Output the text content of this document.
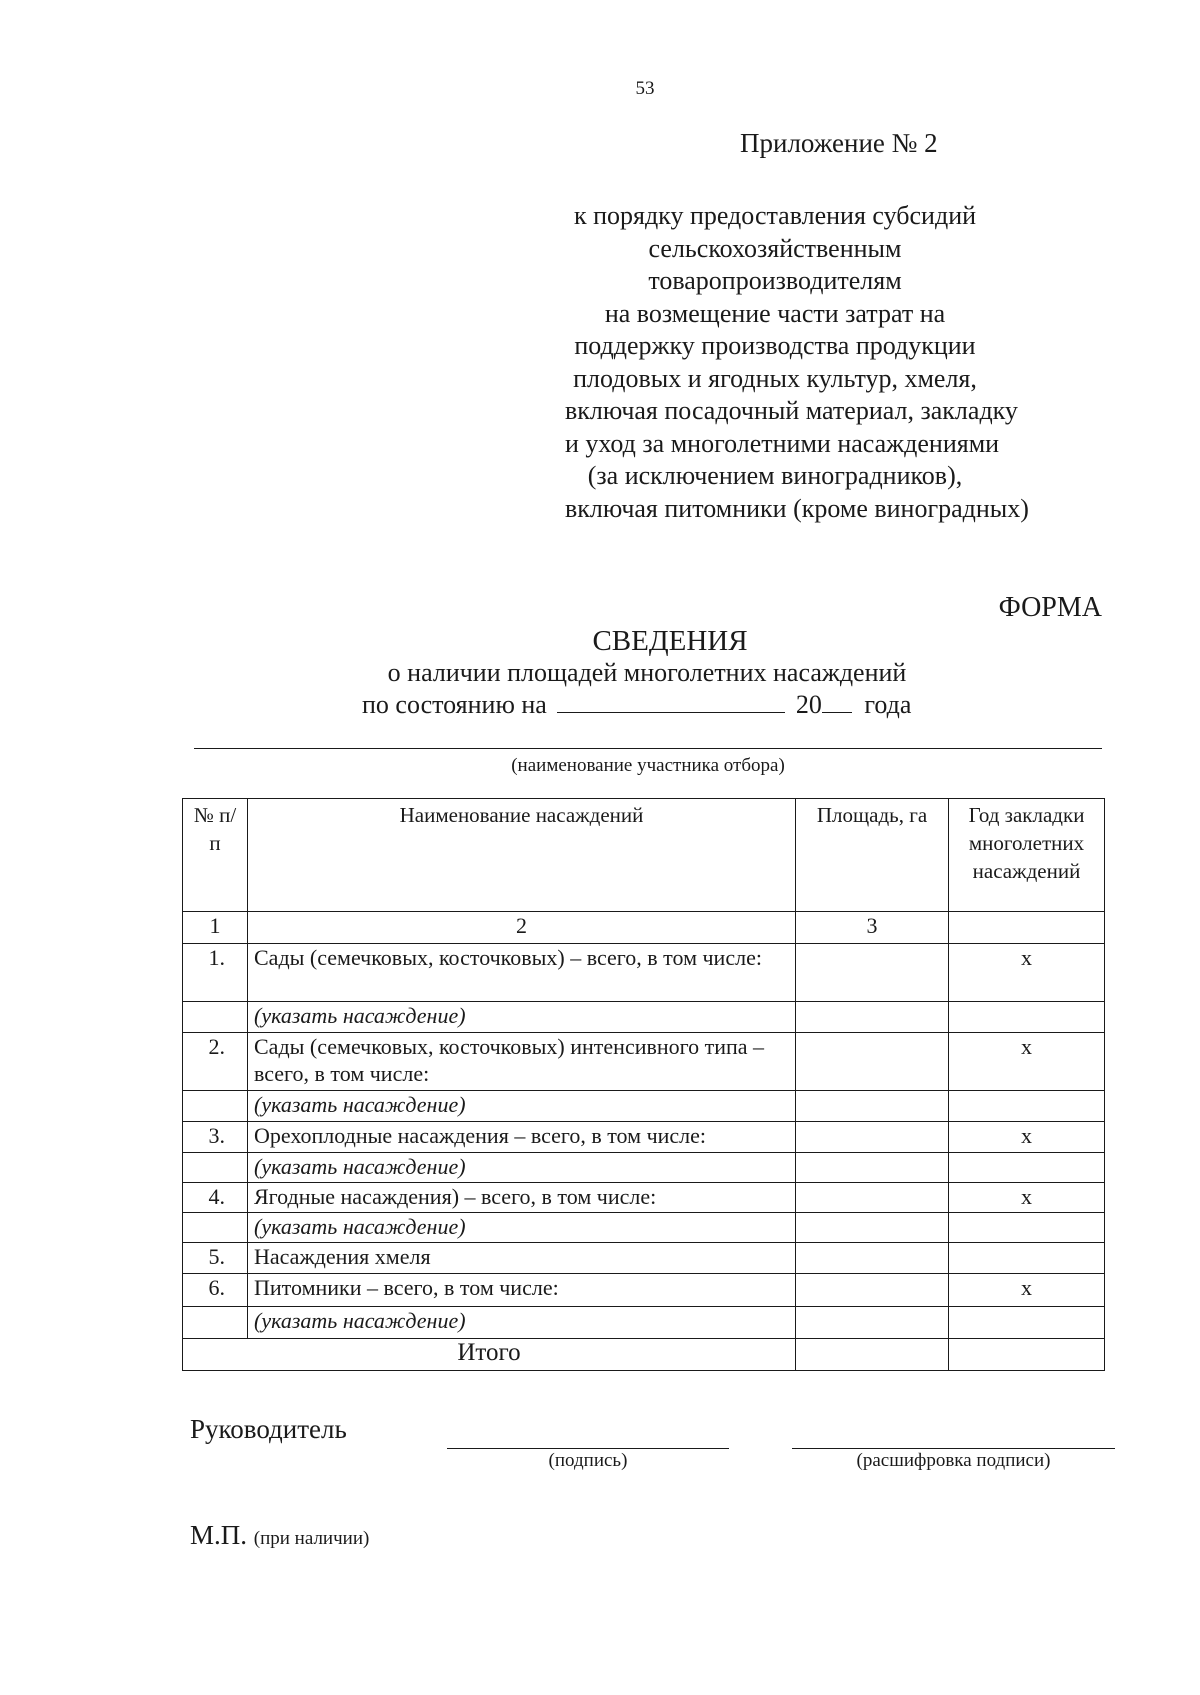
53
Приложение № 2
к порядку предоставления субсидий
сельскохозяйственным
товаропроизводителям
на возмещение части затрат на
поддержку производства продукции
плодовых и ягодных культур, хмеля,
включая посадочный материал, закладку
и уход за многолетними насаждениями
(за исключением виноградников),
включая питомники (кроме виноградных)
ФОРМА
СВЕДЕНИЯ
о наличии площадей многолетних насаждений
по состоянию на	20 года
(наименование участника отбора)
№ п/п	Наименование насаждений	Площадь, га	Год закладки многолетних насаждений
1	2	3	
1.	Сады (семечковых, косточковых) – всего, в том числе:		х
	(указать насаждение)		
2.	Сады (семечковых, косточковых) интенсивного типа – всего, в том числе:		х
	(указать насаждение)		
3.	Орехоплодные насаждения – всего, в том числе:		х
	(указать насаждение)		
4.	Ягодные насаждения) – всего, в том числе:		х
	(указать насаждение)		
5.	Насаждения хмеля		
6.	Питомники – всего, в том числе:		х
	(указать насаждение)		
Итого			
Руководитель
(подпись)	(расшифровка подписи)
М.П. (при наличии)
